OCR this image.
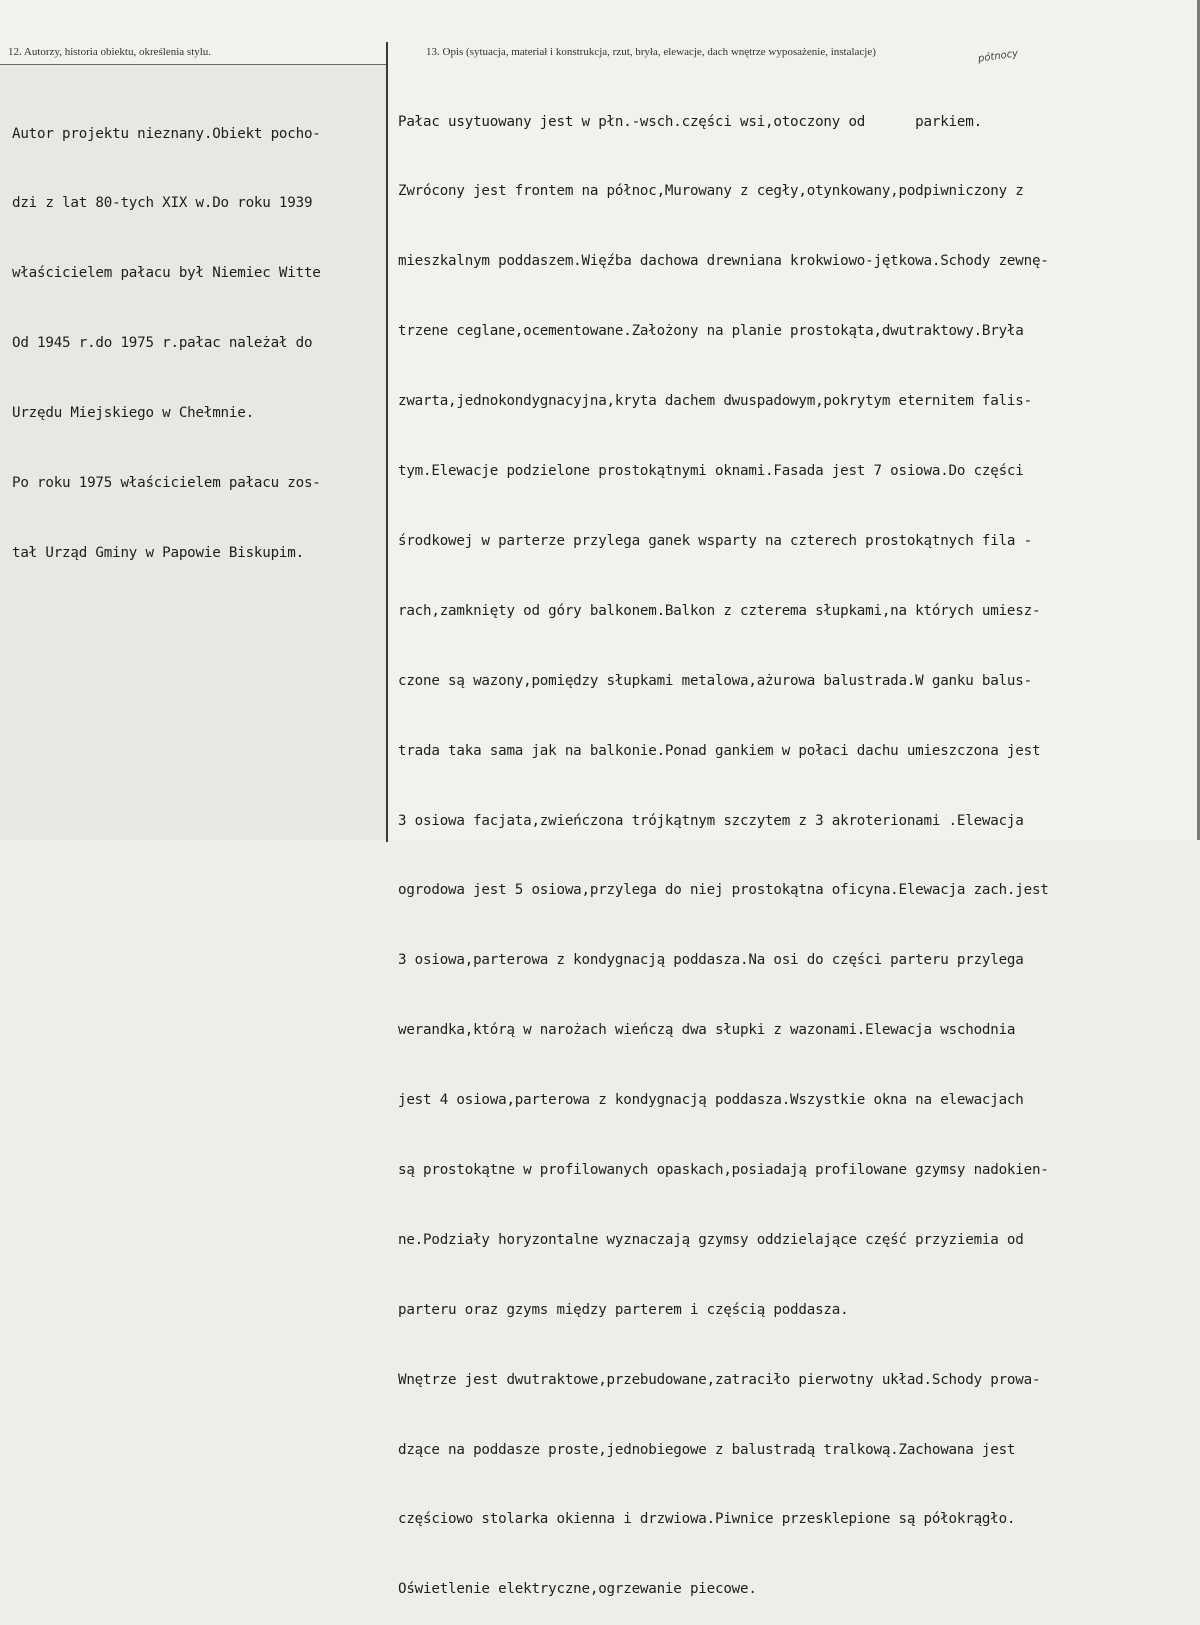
12. Autorzy, historia obiektu, określenia stylu.	13. Opis (sytuacja, materiał i konstrukcja, rzut, bryła, elewacje, dach wnętrze wyposażenie, instalacje)	pótnocy

Autor projektu nieznany.Obiekt pocho-

dzi z lat 80-tych XIX w.Do roku 1939

właścicielem pałacu był Niemiec Witte

Od 1945 r.do 1975 r.pałac należał do

Urzędu Miejskiego w Chełmnie.

Po roku 1975 właścicielem pałacu zos-

tał Urząd Gminy w Papowie Biskupim.

Pałac usytuowany jest w płn.-wsch.części wsi,otoczony od      parkiem.

Zwrócony jest frontem na północ,Murowany z cegły,otynkowany,podpiwniczony z

mieszkalnym poddaszem.Więźba dachowa drewniana krokwiowo-jętkowa.Schody zewnę-

trzene ceglane,ocementowane.Założony na planie prostokąta,dwutraktowy.Bryła

zwarta,jednokondygnacyjna,kryta dachem dwuspadowym,pokrytym eternitem falis-

tym.Elewacje podzielone prostokątnymi oknami.Fasada jest 7 osiowa.Do części

środkowej w parterze przylega ganek wsparty na czterech prostokątnych fila -

rach,zamknięty od góry balkonem.Balkon z czterema słupkami,na których umiesz-

czone są wazony,pomiędzy słupkami metalowa,ażurowa balustrada.W ganku balus-

trada taka sama jak na balkonie.Ponad gankiem w połaci dachu umieszczona jest

3 osiowa facjata,zwieńczona trójkątnym szczytem z 3 akroterionami .Elewacja

ogrodowa jest 5 osiowa,przylega do niej prostokątna oficyna.Elewacja zach.jest

3 osiowa,parterowa z kondygnacją poddasza.Na osi do części parteru przylega

werandka,którą w narożach wieńczą dwa słupki z wazonami.Elewacja wschodnia

jest 4 osiowa,parterowa z kondygnacją poddasza.Wszystkie okna na elewacjach

są prostokątne w profilowanych opaskach,posiadają profilowane gzymsy nadokien-

ne.Podziały horyzontalne wyznaczają gzymsy oddzielające część przyziemia od

parteru oraz gzyms między parterem i częścią poddasza.

Wnętrze jest dwutraktowe,przebudowane,zatraciło pierwotny układ.Schody prowa-

dzące na poddasze proste,jednobiegowe z balustradą tralkową.Zachowana jest

częściowo stolarka okienna i drzwiowa.Piwnice przesklepione są półokrągło.

Oświetlenie elektryczne,ogrzewanie piecowe.
